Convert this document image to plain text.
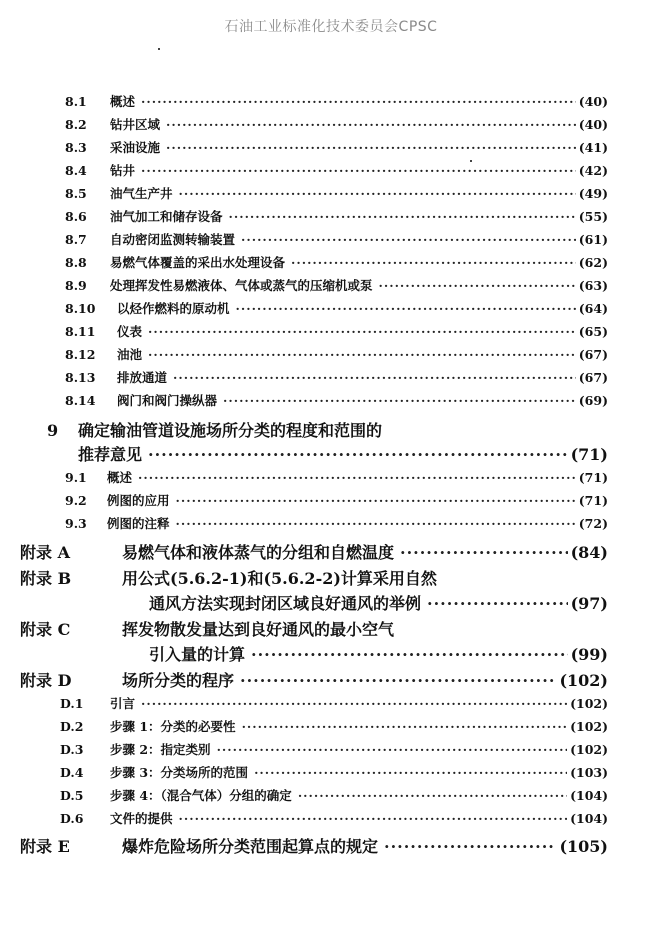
石油工业标准化技术委员会CPSC
8.1	概述 ·····	(40)
8.2	钻井区域 ·····	(40)
8.3	采油设施 ·····	(41)
8.4	钻井 ·····	(42)
8.5	油气生产井 ·····	(49)
8.6	油气加工和储存设备 ·····	(55)
8.7	自动密闭监测转输装置 ·····	(61)
8.8	易燃气体覆盖的采出水处理设备 ·····	(62)
8.9	处理挥发性易燃液体、气体或蒸气的压缩机或泵 ·····	(63)
8.10	以烃作燃料的原动机 ·····	(64)
8.11	仪表 ·····	(65)
8.12	油池 ·····	(67)
8.13	排放通道 ·····	(67)
8.14	阀门和阀门操纵器 ·····	(69)
9	确定输油管道设施场所分类的程度和范围的
推荐意见 ·····	(71)
9.1	概述 ·····	(71)
9.2	例图的应用 ·····	(71)
9.3	例图的注释 ·····	(72)
附录 A	易燃气体和液体蒸气的分组和自燃温度 ·····	(84)
附录 B	用公式(5.6.2-1)和(5.6.2-2)计算采用自然
通风方法实现封闭区域良好通风的举例 ·····	(97)
附录 C	挥发物散发量达到良好通风的最小空气
引入量的计算 ·····	(99)
附录 D	场所分类的程序 ·····	(102)
D.1	引言 ·····	(102)
D.2	步骤 1：分类的必要性 ·····	(102)
D.3	步骤 2：指定类别 ·····	(102)
D.4	步骤 3：分类场所的范围 ·····	(103)
D.5	步骤 4：（混合气体）分组的确定 ·····	(104)
D.6	文件的提供 ·····	(104)
附录 E	爆炸危险场所分类范围起算点的规定 ·····	(105)
